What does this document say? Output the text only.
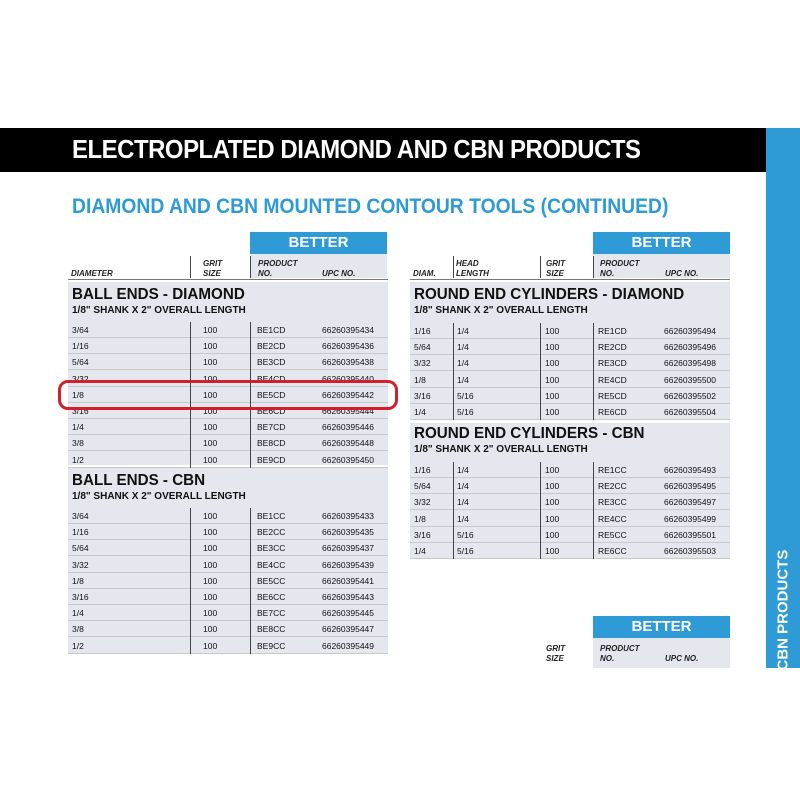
ELECTROPLATED DIAMOND AND CBN PRODUCTS
AMOND & CBN PRODUCTS
DIAMOND AND CBN MOUNTED CONTOUR TOOLS (CONTINUED)
BETTER
DIAMETER
GRIT SIZE
PRODUCT NO.	UPC NO.
BALL ENDS - DIAMOND
1/8" SHANK X 2" OVERALL LENGTH
3/64	100	BE1CD	66260395434
1/16	100	BE2CD	66260395436
5/64	100	BE3CD	66260395438
3/32	100	BE4CD	66260395440
1/8	100	BE5CD	66260395442
3/16	100	BE6CD	66260395444
1/4	100	BE7CD	66260395446
3/8	100	BE8CD	66260395448
1/2	100	BE9CD	66260395450
BALL ENDS - CBN
1/8" SHANK X 2" OVERALL LENGTH
3/64	100	BE1CC	66260395433
1/16	100	BE2CC	66260395435
5/64	100	BE3CC	66260395437
3/32	100	BE4CC	66260395439
1/8	100	BE5CC	66260395441
3/16	100	BE6CC	66260395443
1/4	100	BE7CC	66260395445
3/8	100	BE8CC	66260395447
1/2	100	BE9CC	66260395449
BETTER
DIAM.
HEAD LENGTH
GRIT SIZE
PRODUCT NO.	UPC NO.
ROUND END CYLINDERS - DIAMOND
1/8" SHANK X 2" OVERALL LENGTH
1/16	1/4	100	RE1CD	66260395494
5/64	1/4	100	RE2CD	66260395496
3/32	1/4	100	RE3CD	66260395498
1/8	1/4	100	RE4CD	66260395500
3/16	5/16	100	RE5CD	66260395502
1/4	5/16	100	RE6CD	66260395504
ROUND END CYLINDERS - CBN
1/8" SHANK X 2" OVERALL LENGTH
1/16	1/4	100	RE1CC	66260395493
5/64	1/4	100	RE2CC	66260395495
3/32	1/4	100	RE3CC	66260395497
1/8	1/4	100	RE4CC	66260395499
3/16	5/16	100	RE5CC	66260395501
1/4	5/16	100	RE6CC	66260395503
BETTER
GRIT SIZE
PRODUCT NO.	UPC NO.
